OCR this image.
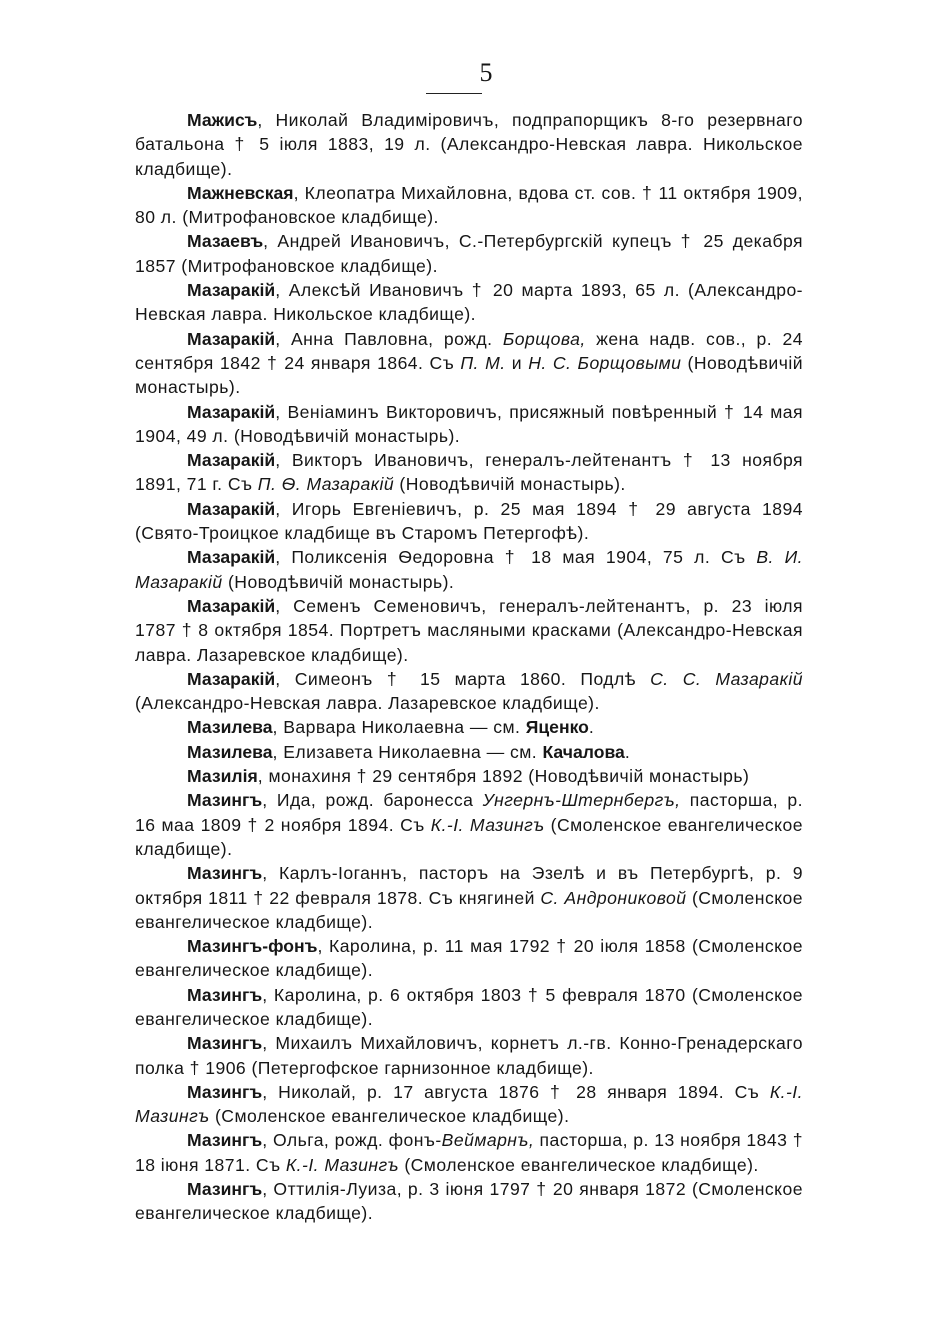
5

Мажисъ, Николай Владиміровичъ, подпрапорщикъ 8-го резервнаго батальона † 5 іюля 1883, 19 л. (Александро-Невская лавра. Никольское кладбище).

Мажневская, Клеопатра Михайловна, вдова ст. сов. † 11 октября 1909, 80 л. (Митрофановское кладбище).

Мазаевъ, Андрей Ивановичъ, С.-Петербургскій купецъ † 25 декабря 1857 (Митрофановское кладбище).

Мазаракій, Алексѣй Ивановичъ † 20 марта 1893, 65 л. (Александро-Невская лавра. Никольское кладбище).

Мазаракій, Анна Павловна, рожд. Борщова, жена надв. сов., р. 24 сентября 1842 † 24 января 1864. Съ П. М. и Н. С. Борщовыми (Новодѣвичій монастырь).

Мазаракій, Веніаминъ Викторовичъ, присяжный повѣренный † 14 мая 1904, 49 л. (Новодѣвичій монастырь).

Мазаракій, Викторъ Ивановичъ, генералъ-лейтенантъ † 13 ноября 1891, 71 г. Съ П. Ѳ. Мазаракій (Новодѣвичій монастырь).

Мазаракій, Игорь Евгеніевичъ, р. 25 мая 1894 † 29 августа 1894 (Свято-Троицкое кладбище въ Старомъ Петергофѣ).

Мазаракій, Поликсенія Ѳедоровна † 18 мая 1904, 75 л. Съ В. И. Мазаракій (Новодѣвичій монастырь).

Мазаракій, Семенъ Семеновичъ, генералъ-лейтенантъ, р. 23 іюля 1787 † 8 октября 1854. Портретъ масляными красками (Александро-Невская лавра. Лазаревское кладбище).

Мазаракій, Симеонъ † 15 марта 1860. Подлѣ С. С. Мазаракій (Александро-Невская лавра. Лазаревское кладбище).

Мазилева, Варвара Николаевна — см. Яценко.

Мазилева, Елизавета Николаевна — см. Качалова.

Мазилія, монахиня † 29 сентября 1892 (Новодѣвичій монастырь)

Мазингъ, Ида, рожд. баронесса Унгернъ-Штернбергъ, пасторша, р. 16 маа 1809 † 2 ноября 1894. Съ К.-І. Мазингъ (Смоленское евангелическое кладбище).

Мазингъ, Карлъ-Іоганнъ, пасторъ на Эзелѣ и въ Петербургѣ, р. 9 октября 1811 † 22 февраля 1878. Съ княгиней С. Андрониковой (Смоленское евангелическое кладбище).

Мазингъ-фонъ, Каролина, р. 11 мая 1792 † 20 іюля 1858 (Смоленское евангелическое кладбище).

Мазингъ, Каролина, р. 6 октября 1803 † 5 февраля 1870 (Смоленское евангелическое кладбище).

Мазингъ, Михаилъ Михайловичъ, корнетъ л.-гв. Конно-Гренадерскаго полка † 1906 (Петергофское гарнизонное кладбище).

Мазингъ, Николай, р. 17 августа 1876 † 28 января 1894. Съ К.-І. Мазингъ (Смоленское евангелическое кладбище).

Мазингъ, Ольга, рожд. фонъ-Веймарнъ, пасторша, р. 13 ноября 1843 † 18 іюня 1871. Съ К.-І. Мазингъ (Смоленское евангелическое кладбище).

Мазингъ, Оттилія-Луиза, р. 3 іюня 1797 † 20 января 1872 (Смоленское евангелическое кладбище).
